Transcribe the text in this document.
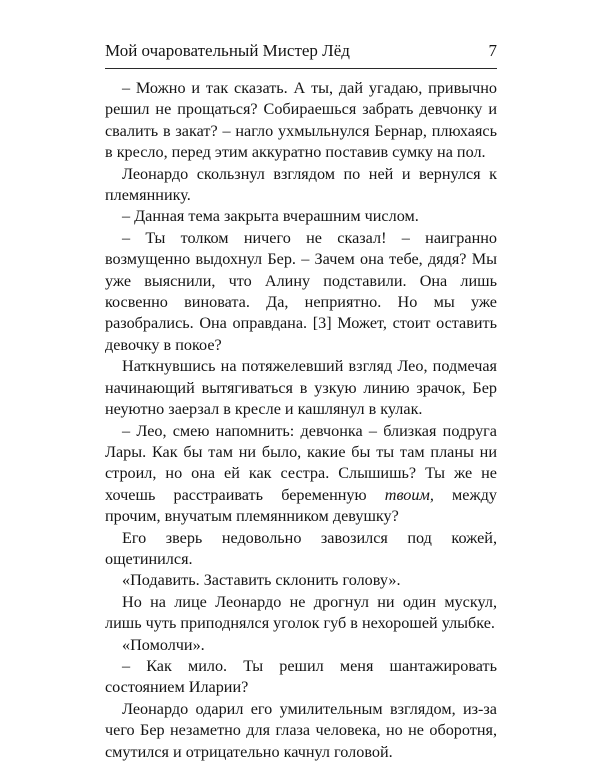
Мой очаровательный Мистер Лёд	7

– Можно и так сказать. А ты, дай угадаю, привычно решил не прощаться? Собираешься забрать девчонку и свалить в закат? – нагло ухмыльнулся Бернар, плюхаясь в кресло, перед этим аккуратно поставив сумку на пол.

Леонардо скользнул взглядом по ней и вернулся к племяннику.

– Данная тема закрыта вчерашним числом.

– Ты толком ничего не сказал! – наигранно возмущенно выдохнул Бер. – Зачем она тебе, дядя? Мы уже выяснили, что Алину подставили. Она лишь косвенно виновата. Да, неприятно. Но мы уже разобрались. Она оправдана. [3] Может, стоит оставить девочку в покое?

Наткнувшись на потяжелевший взгляд Лео, подмечая начинающий вытягиваться в узкую линию зрачок, Бер неуютно заерзал в кресле и кашлянул в кулак.

– Лео, смею напомнить: девчонка – близкая подруга Лары. Как бы там ни было, какие бы ты там планы ни строил, но она ей как сестра. Слышишь? Ты же не хочешь расстраивать беременную твоим, между прочим, внучатым племянником девушку?

Его зверь недовольно завозился под кожей, ощетинился.

«Подавить. Заставить склонить голову».

Но на лице Леонардо не дрогнул ни один мускул, лишь чуть приподнялся уголок губ в нехорошей улыбке.

«Помолчи».

– Как мило. Ты решил меня шантажировать состоянием Иларии?

Леонардо одарил его умилительным взглядом, из-за чего Бер незаметно для глаза человека, но не оборотня, смутился и отрицательно качнул головой.
